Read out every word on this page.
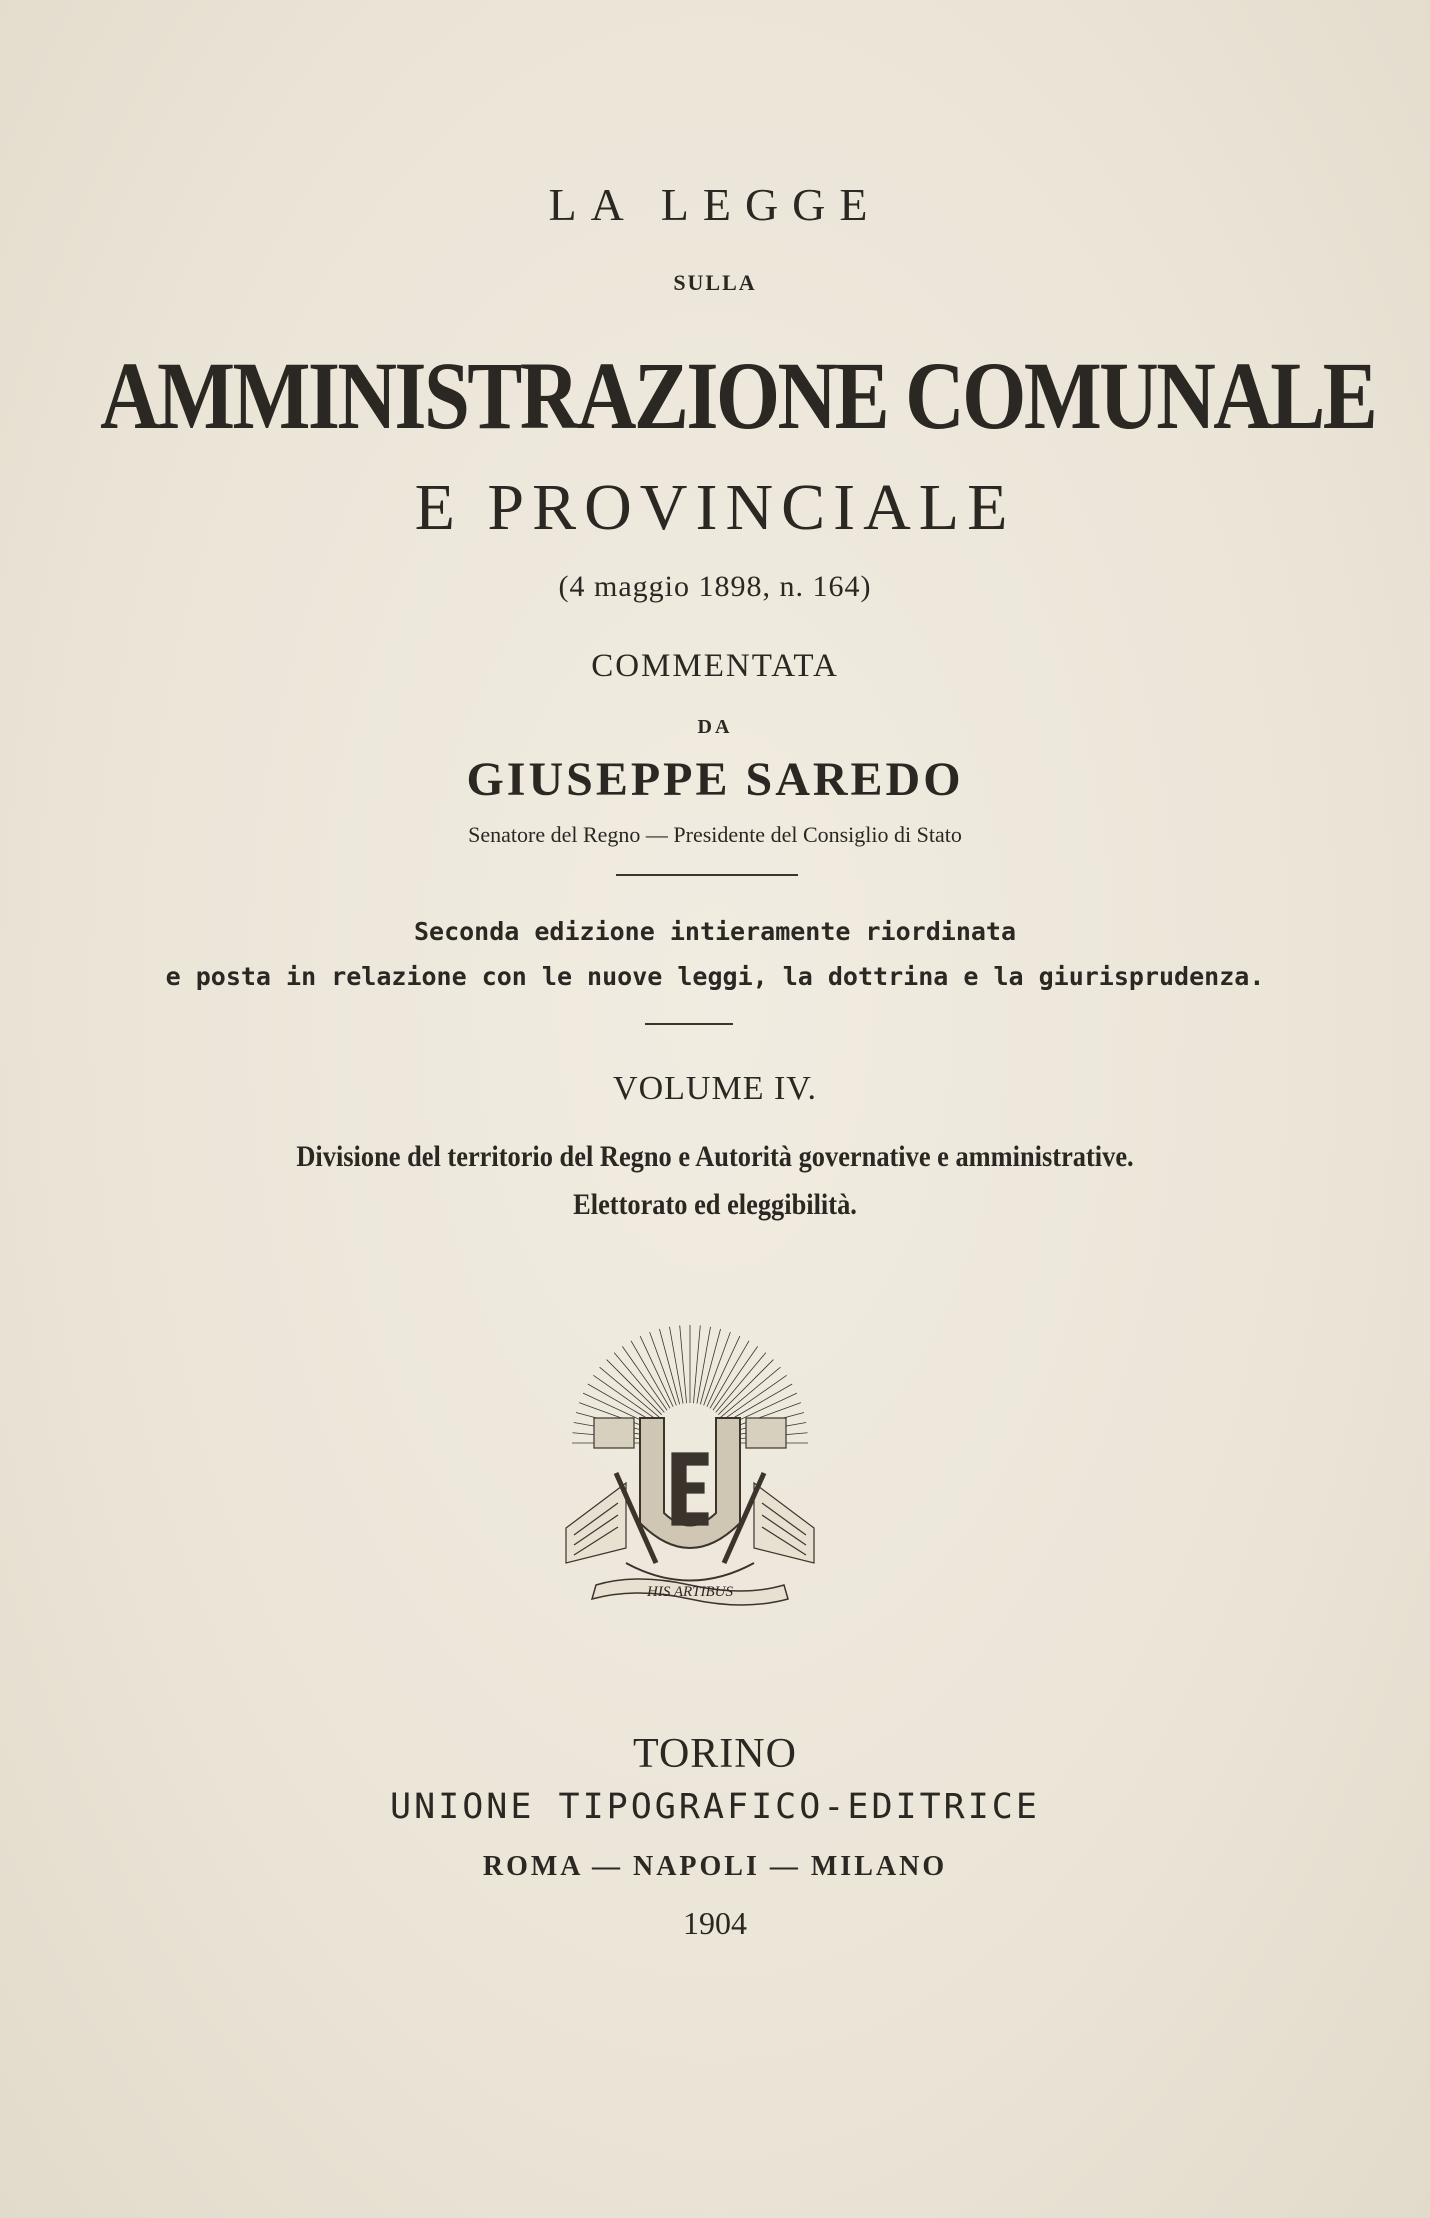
LA LEGGE
SULLA
AMMINISTRAZIONE COMUNALE
E PROVINCIALE
(4 maggio 1898, n. 164)
COMMENTATA
DA
GIUSEPPE SAREDO
Senatore del Regno — Presidente del Consiglio di Stato
Seconda edizione intieramente riordinata
e posta in relazione con le nuove leggi, la dottrina e la giurisprudenza.
VOLUME IV.
Divisione del territorio del Regno e Autorità governative e amministrative.
Elettorato ed eleggibilità.
HIS ARTIBUS
TORINO
UNIONE TIPOGRAFICO-EDITRICE
ROMA — NAPOLI — MILANO
1904
